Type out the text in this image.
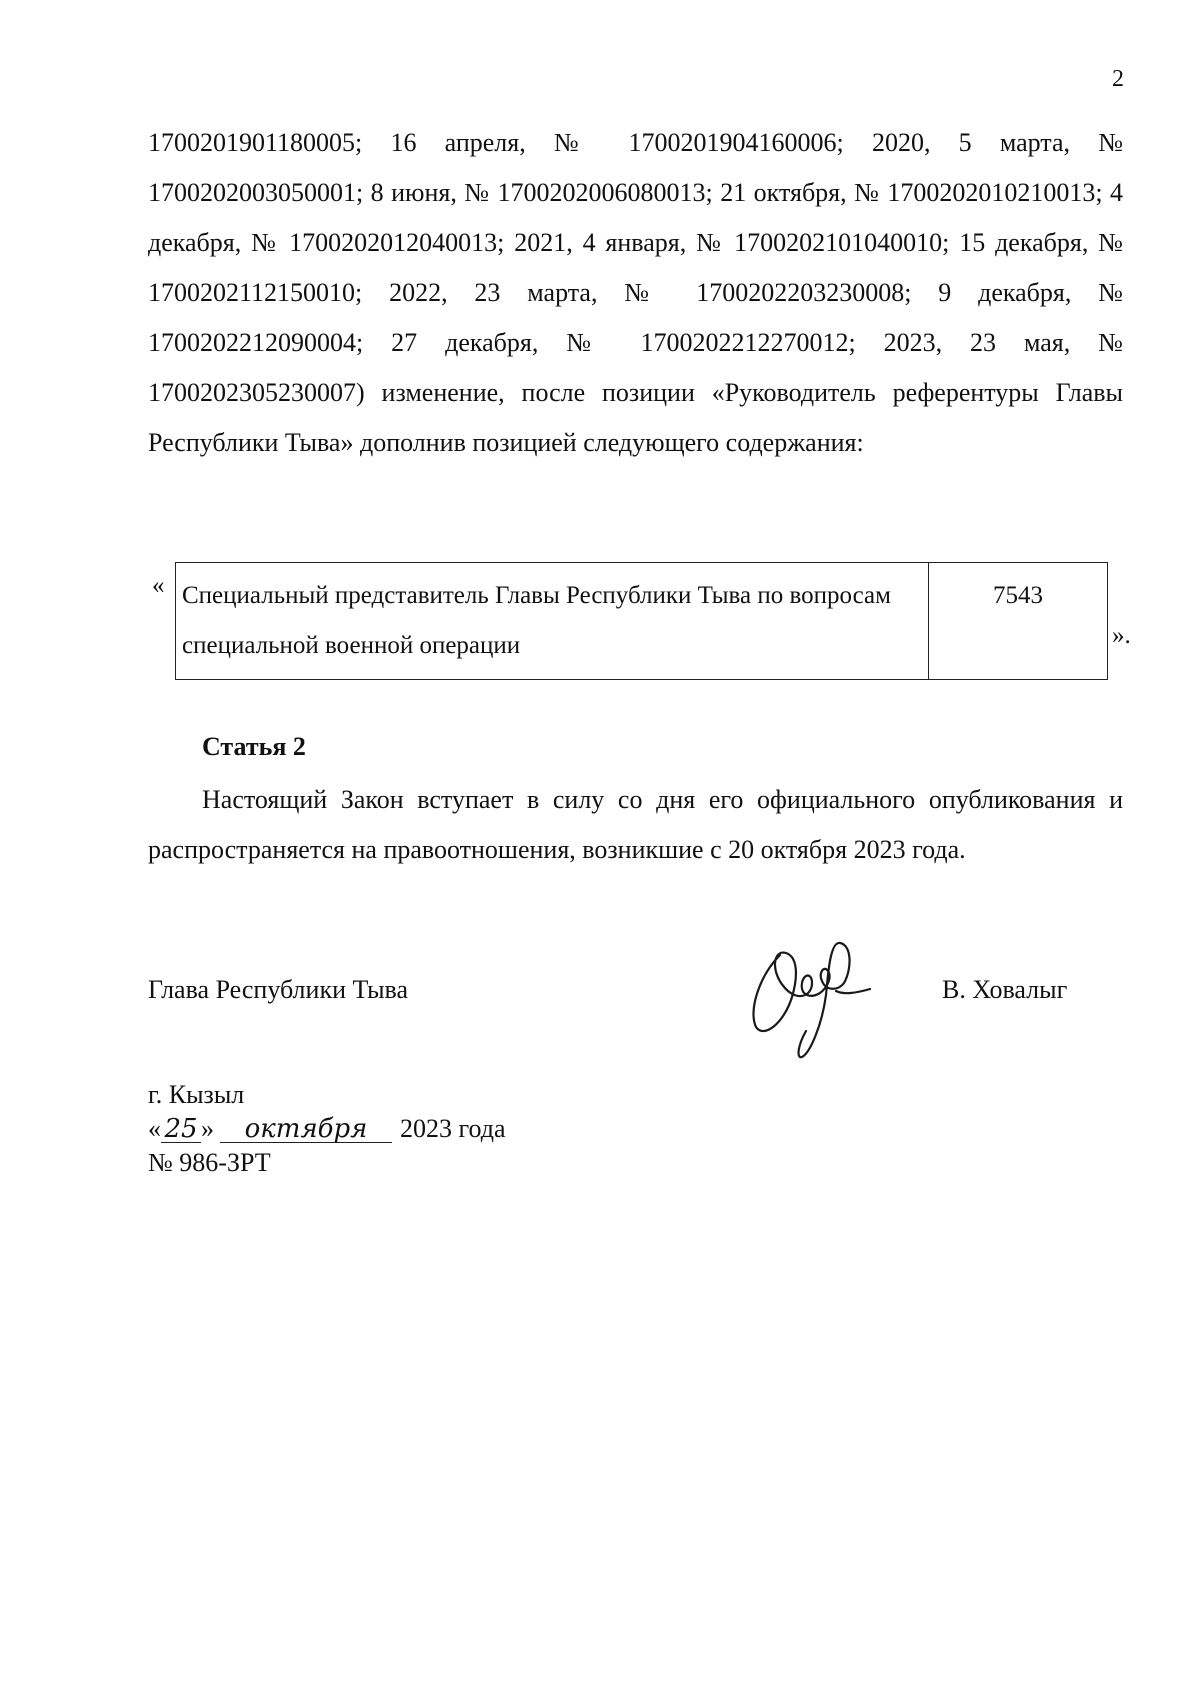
2

1700201901180005; 16 апреля, № 1700201904160006; 2020, 5 марта, № 1700202003050001; 8 июня, № 1700202006080013; 21 октября, № 1700202010210013; 4 декабря, № 1700202012040013; 2021, 4 января, № 1700202101040010; 15 декабря, № 1700202112150010; 2022, 23 марта, № 1700202203230008; 9 декабря, № 1700202212090004; 27 декабря, № 1700202212270012; 2023, 23 мая, № 1700202305230007) изменение, после позиции «Руководитель референтуры Главы Республики Тыва» дополнив позицией следующего содержания:

« Специальный представитель Главы Республики Тыва по вопросам специальной военной операции	7543
».
Статья 2

Настоящий Закон вступает в силу со дня его официального опубликования и распространяется на правоотношения, возникшие с 20 октября 2023 года.

Глава Республики Тыва	В. Ховалыг
г. Кызыл
« 25 » октября 2023 года
№ 986-ЗРТ
